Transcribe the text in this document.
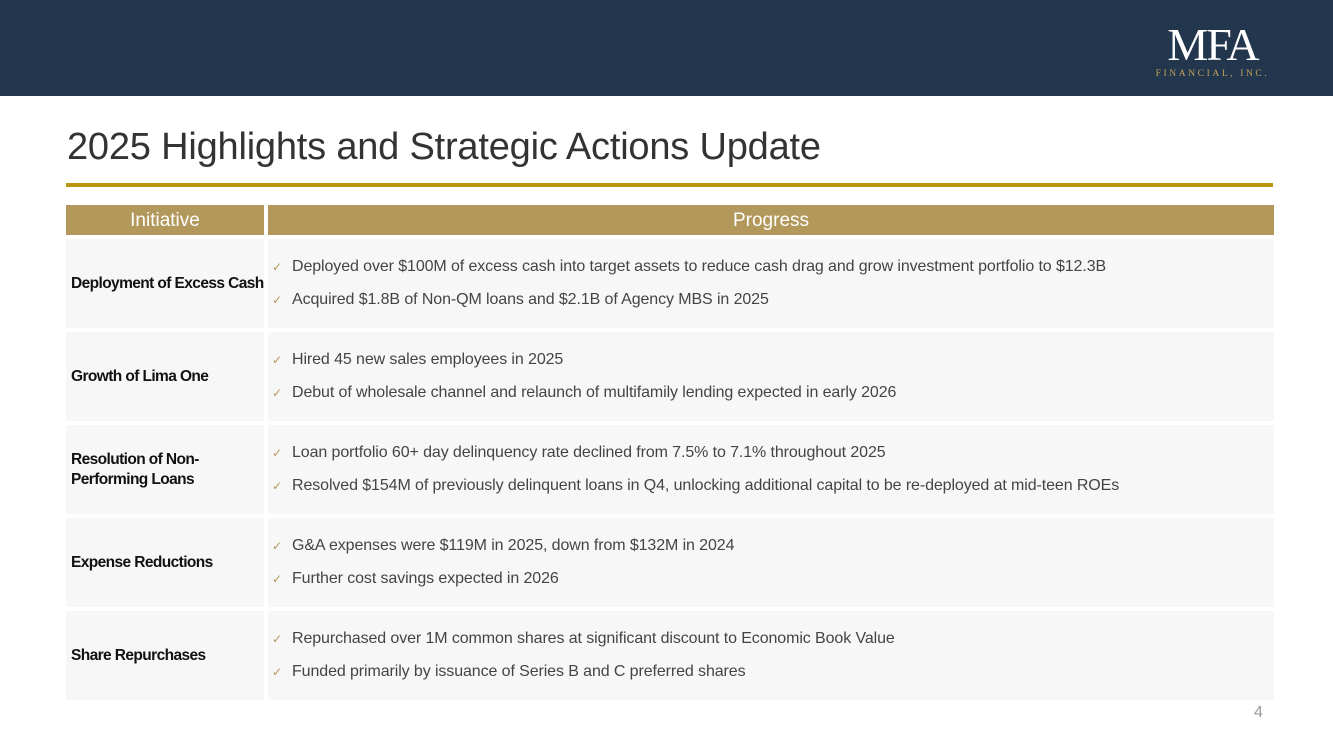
MFA
FINANCIAL, INC.
2025 Highlights and Strategic Actions Update
Initiative	Progress
Deployment of Excess Cash
✓ Deployed over $100M of excess cash into target assets to reduce cash drag and grow investment portfolio to $12.3B
✓ Acquired $1.8B of Non-QM loans and $2.1B of Agency MBS in 2025
Growth of Lima One
✓ Hired 45 new sales employees in 2025
✓ Debut of wholesale channel and relaunch of multifamily lending expected in early 2026
Resolution of Non-Performing Loans
✓ Loan portfolio 60+ day delinquency rate declined from 7.5% to 7.1% throughout 2025
✓ Resolved $154M of previously delinquent loans in Q4, unlocking additional capital to be re-deployed at mid-teen ROEs
Expense Reductions
✓ G&A expenses were $119M in 2025, down from $132M in 2024
✓ Further cost savings expected in 2026
Share Repurchases
✓ Repurchased over 1M common shares at significant discount to Economic Book Value
✓ Funded primarily by issuance of Series B and C preferred shares
4
